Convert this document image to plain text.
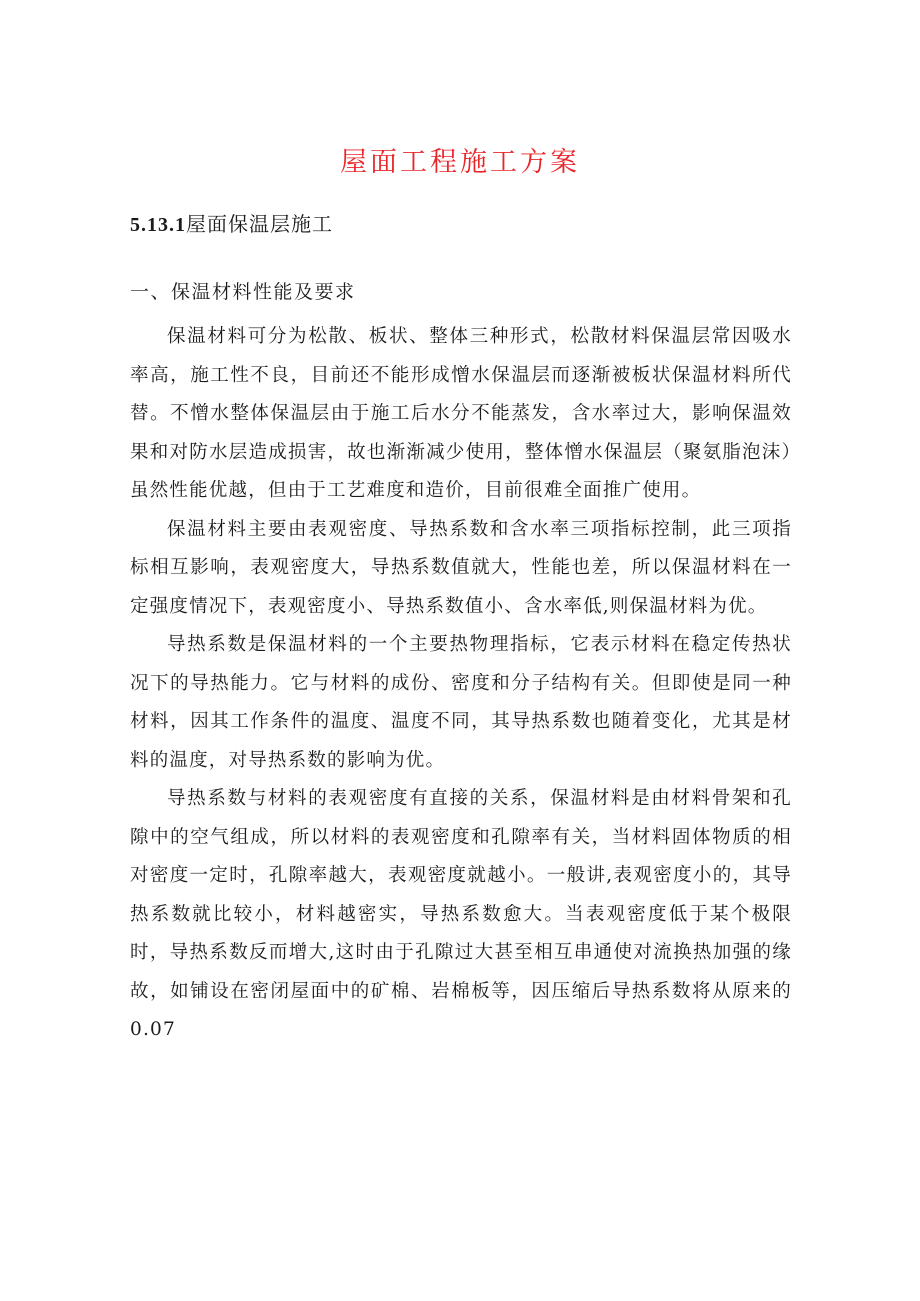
屋面工程施工方案
5.13.1屋面保温层施工
一、保温材料性能及要求

保温材料可分为松散、板状、整体三种形式，松散材料保温层常因吸水率高，施工性不良，目前还不能形成憎水保温层而逐渐被板状保温材料所代替。不憎水整体保温层由于施工后水分不能蒸发，含水率过大，影响保温效果和对防水层造成损害，故也渐渐减少使用，整体憎水保温层（聚氨脂泡沫）虽然性能优越，但由于工艺难度和造价，目前很难全面推广使用。

保温材料主要由表观密度、导热系数和含水率三项指标控制，此三项指标相互影响，表观密度大，导热系数值就大，性能也差，所以保温材料在一定强度情况下，表观密度小、导热系数值小、含水率低,则保温材料为优。

导热系数是保温材料的一个主要热物理指标，它表示材料在稳定传热状况下的导热能力。它与材料的成份、密度和分子结构有关。但即使是同一种材料，因其工作条件的温度、温度不同，其导热系数也随着变化，尤其是材料的温度，对导热系数的影响为优。

导热系数与材料的表观密度有直接的关系，保温材料是由材料骨架和孔隙中的空气组成，所以材料的表观密度和孔隙率有关，当材料固体物质的相对密度一定时，孔隙率越大，表观密度就越小。一般讲,表观密度小的，其导热系数就比较小，材料越密实，导热系数愈大。当表观密度低于某个极限时，导热系数反而增大,这时由于孔隙过大甚至相互串通使对流换热加强的缘故，如铺设在密闭屋面中的矿棉、岩棉板等，因压缩后导热系数将从原来的0.07
